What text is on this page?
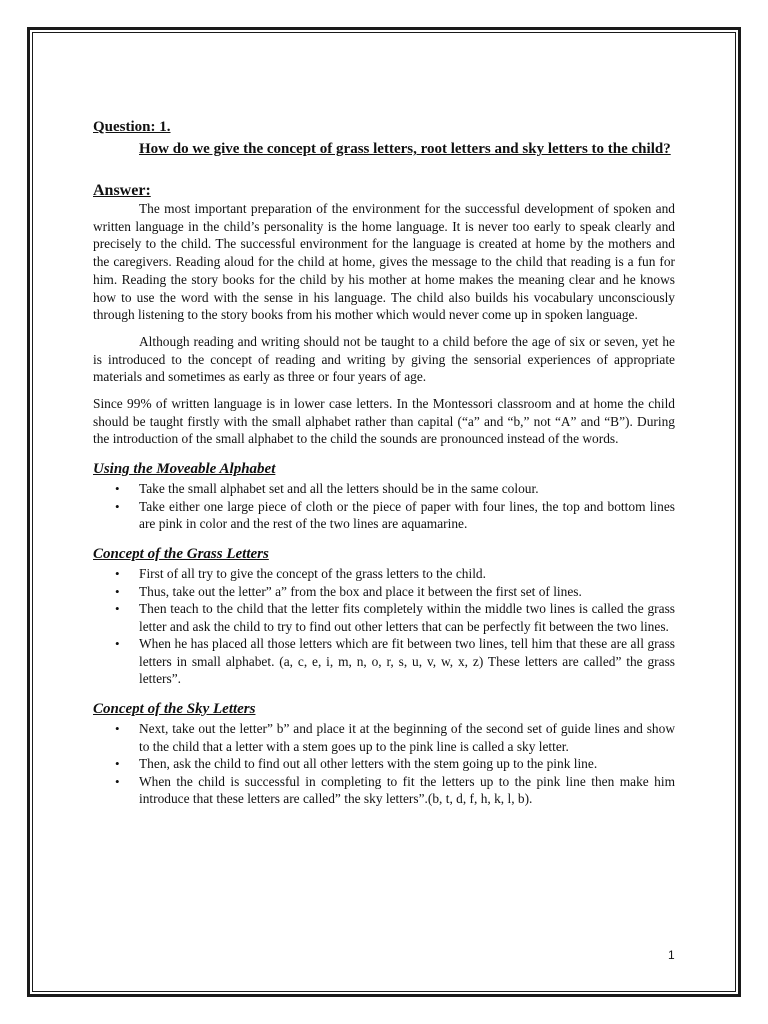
Question: 1.
How do we give the concept of grass letters, root letters and sky letters to the child?
Answer:

The most important preparation of the environment for the successful development of spoken and written language in the child’s personality is the home language. It is never too early to speak clearly and precisely to the child. The successful environment for the language is created at home by the mothers and the caregivers. Reading aloud for the child at home, gives the message to the child that reading is a fun for him. Reading the story books for the child by his mother at home makes the meaning clear and he knows how to use the word with the sense in his language. The child also builds his vocabulary unconsciously through listening to the story books from his mother which would never come up in spoken language.

Although reading and writing should not be taught to a child before the age of six or seven, yet he is introduced to the concept of reading and writing by giving the sensorial experiences of appropriate materials and sometimes as early as three or four years of age.

Since 99% of written language is in lower case letters. In the Montessori classroom and at home the child should be taught firstly with the small alphabet rather than capital (“a” and “b,” not “A” and “B”). During the introduction of the small alphabet to the child the sounds are pronounced instead of the words.

Using the Moveable Alphabet
• Take the small alphabet set and all the letters should be in the same colour.
• Take either one large piece of cloth or the piece of paper with four lines, the top and bottom lines are pink in color and the rest of the two lines are aquamarine.
Concept of the Grass Letters
• First of all try to give the concept of the grass letters to the child.
• Thus, take out the letter” a” from the box and place it between the first set of lines.
• Then teach to the child that the letter fits completely within the middle two lines is called the grass letter and ask the child to try to find out other letters that can be perfectly fit between the two lines.
• When he has placed all those letters which are fit between two lines, tell him that these are all grass letters in small alphabet. (a, c, e, i, m, n, o, r, s, u, v, w, x, z) These letters are called” the grass letters”.
Concept of the Sky Letters
• Next, take out the letter” b” and place it at the beginning of the second set of guide lines and show to the child that a letter with a stem goes up to the pink line is called a sky letter.
• Then, ask the child to find out all other letters with the stem going up to the pink line.
• When the child is successful in completing to fit the letters up to the pink line then make him introduce that these letters are called” the sky letters”.(b, t, d, f, h, k, l, b).
1
